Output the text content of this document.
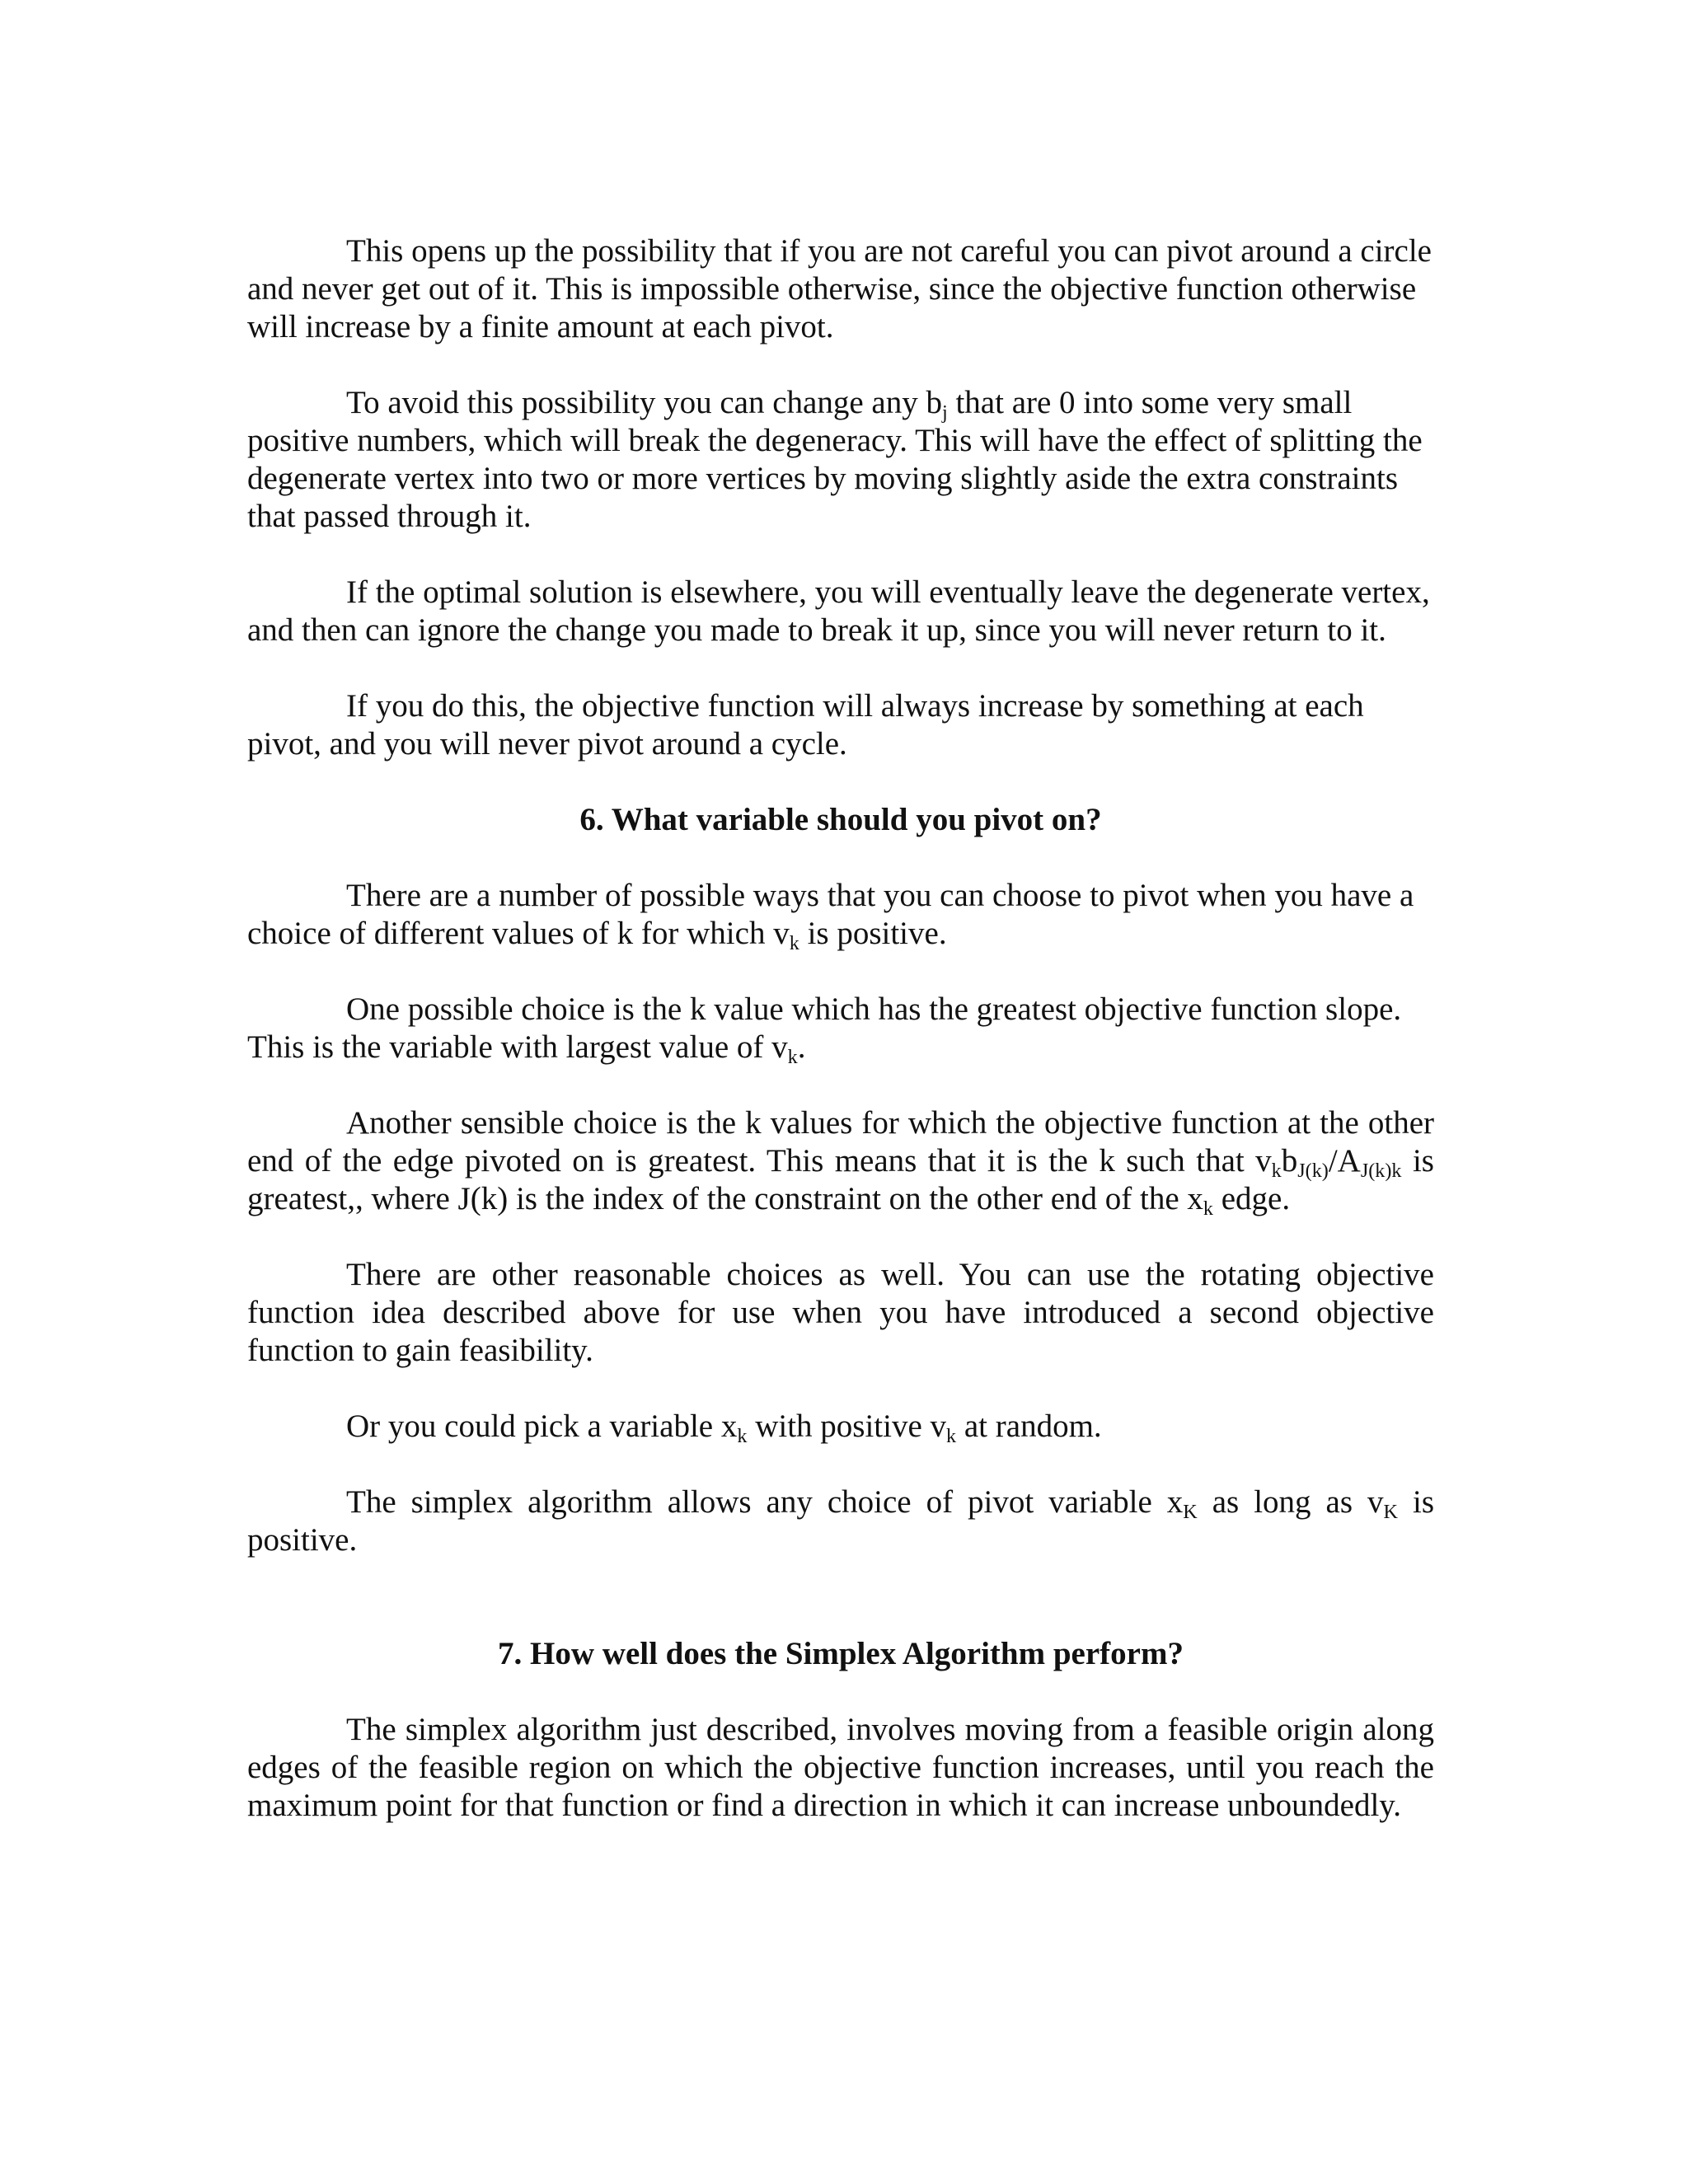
This opens up the possibility that if you are not careful you can pivot around a circle and never get out of it. This is impossible otherwise, since the objective function otherwise will increase by a finite amount at each pivot.

To avoid this possibility you can change any $b_j$ that are 0 into some very small positive numbers, which will break the degeneracy. This will have the effect of splitting the degenerate vertex into two or more vertices by moving slightly aside the extra constraints that passed through it.

If the optimal solution is elsewhere, you will eventually leave the degenerate vertex, and then can ignore the change you made to break it up, since you will never return to it.

If you do this, the objective function will always increase by something at each pivot, and you will never pivot around a cycle.

6. What variable should you pivot on?

There are a number of possible ways that you can choose to pivot when you have a choice of different values of k for which $v_k$ is positive.

One possible choice is the k value which has the greatest objective function slope. This is the variable with largest value of $v_k$.

Another sensible choice is the k values for which the objective function at the other end of the edge pivoted on is greatest. This means that it is the k such that $v_kb_{J(k)}/A_{J(k)k}$ is greatest,, where J(k) is the index of the constraint on the other end of the $x_k$ edge.

There are other reasonable choices as well. You can use the rotating objective function idea described above for use when you have introduced a second objective function to gain feasibility.

Or you could pick a variable $x_k$ with positive $v_k$ at random.

The simplex algorithm allows any choice of pivot variable $x_K$ as long as $v_K$ is positive.

7. How well does the Simplex Algorithm perform?

The simplex algorithm just described, involves moving from a feasible origin along edges of the feasible region on which the objective function increases, until you reach the maximum point for that function or find a direction in which it can increase unboundedly.
